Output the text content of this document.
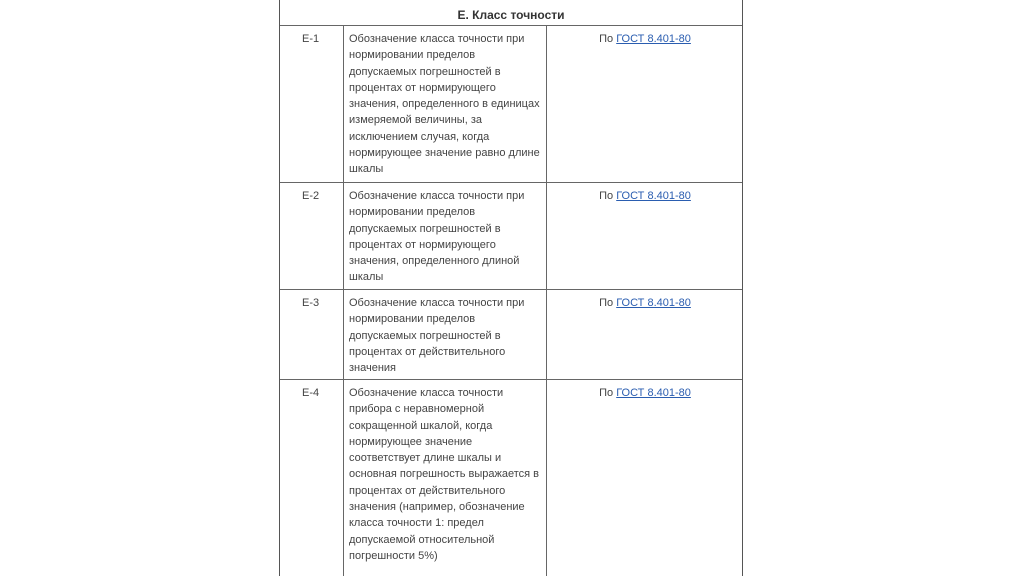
Е. Класс точности
Е-1	Обозначение класса точности при нормировании пределов допускаемых погрешностей в процентах от нормирующего значения, определенного в единицах измеряемой величины, за исключением случая, когда нормирующее значение равно длине шкалы
По ГОСТ 8.401-80
Е-2	Обозначение класса точности при нормировании пределов допускаемых погрешностей в процентах от нормирующего значения, определенного длиной шкалы
По ГОСТ 8.401-80
Е-3	Обозначение класса точности при нормировании пределов допускаемых погрешностей в процентах от действительного значения
По ГОСТ 8.401-80
Е-4	Обозначение класса точности прибора с неравномерной сокращенной шкалой, когда нормирующее значение соответствует длине шкалы и основная погрешность выражается в процентах от действительного значения (например, обозначение класса точности 1: предел допускаемой относительной погрешности 5%)
По ГОСТ 8.401-80
